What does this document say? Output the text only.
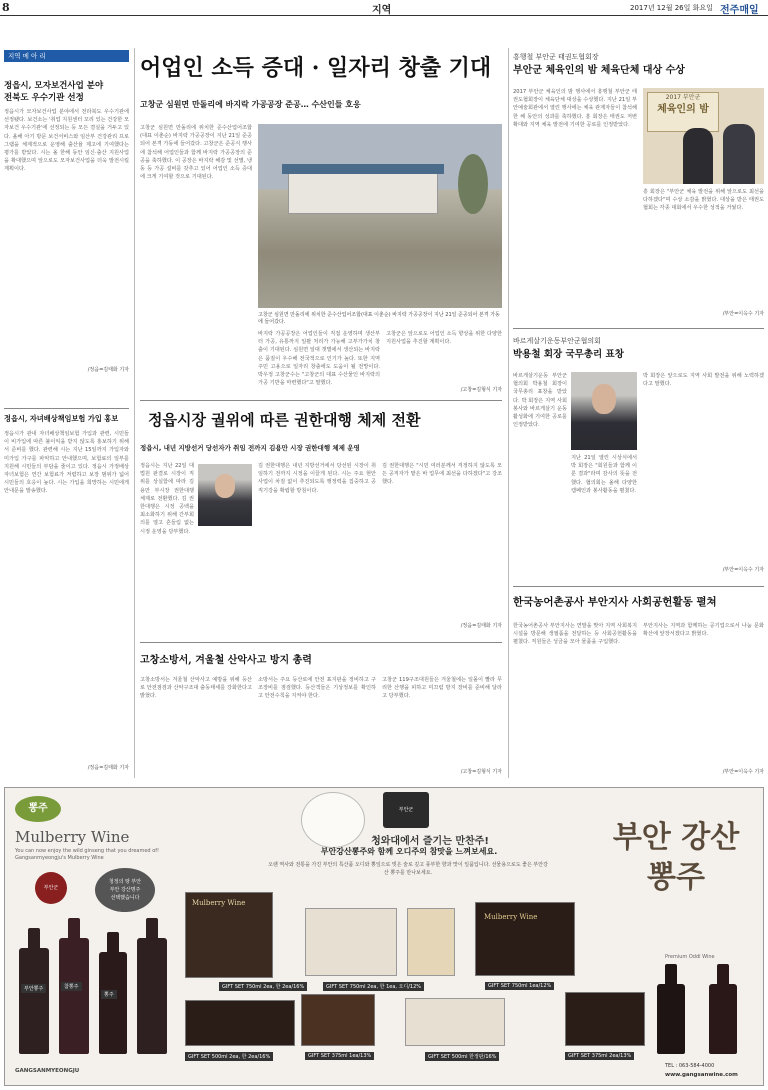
8	지역	2017년 12월 26일 화요일 전주매일
지역 메 아 리
정읍시, 모자보건사업 분야
전북도 우수기관 선정
정읍시가 모자보건사업 분야에서 전라북도 우수기관에 선정됐다. 보건소는 '취업 지원센터 꼬리 있는 건강한 모자보건 우수기관'에 선정되는 등 모든 결실을 거두고 있다. 올해 아기 방문 보건서비스와 임산부 건강관리 프로그램을 체계적으로 운영해 출산율 제고에 기여했다는 평가를 받았다. 시는 올 한해 동안 임신·출산 지원사업을 확대했으며 앞으로도 모자보건사업을 더욱 발전시킬 계획이다.
/정읍=김태화 기자
정읍시, 자녀배상책임보험 가입 홍보
정읍시가 관내 자녀배상책임보험 가입과 관련, 시민들이 비가입에 따른 불이익을 받지 않도록 홍보하기 위해서 준비를 했다. 관련해 시는 지난 15일까지 가입자와 미가입 가구를 파악하고 안내했으며, 보험료의 일부를 지원해 시민들의 부담을 줄이고 있다. 정읍시 가정배상 자녀보험은 연간 보험료가 저렴하고 보장 범위가 넓어 시민들의 호응이 높다. 시는 가입을 희망하는 시민에게 안내문을 발송했다.
/정읍=김태화 기자
어업인 소득 증대 · 일자리 창출 기대
고창군 심원면 만돌리에 바지락 가공공장 준공… 수산인들 호응
고창군 심원면 만돌리에 위치한 준수산업어조합(대표 이춘순) 바지락 가공공장이 지난 21일 준공되어 본격 가동에 들어갔다. 고창군은 준공식 행사에 참석해 어업인들과 함께 바지락 가공공장의 준공을 축하했다. 이 공장은 바지락 해감 및 선별, 냉동 등 가공 설비를 갖추고 있어 어업인 소득 증대에 크게 기여할 것으로 기대된다.
고창군 심원면 만돌리에 위치한 준수산업어조합(대표 이춘순) 바지락 가공공장이 지난 21일 준공되어 본격 가동에 들어갔다.
바지락 가공공장은 어업인들이 직접 운영하며 생산부터 가공, 유통까지 일괄 처리가 가능해 고부가가치 창출이 기대된다. 심원면 일대 갯벌에서 생산되는 바지락은 품질이 우수해 전국적으로 인기가 높다. 또한 지역 주민 고용으로 일자리 창출에도 도움이 될 전망이다. 박우정 고창군수는 "고창군의 대표 수산물인 바지락의 가공 기반을 마련했다"고 말했다.
고창군은 앞으로도 어업인 소득 향상을 위한 다양한 지원사업을 추진할 계획이다.
/고창=김형식 기자
정읍시장 궐위에 따른 권한대행 체제 전환
정읍시, 내년 지방선거 당선자가 취임 전까지 김용만 시장 권한대행 체제 운영
정읍시는 지난 22일 대법원 판결로 시장이 직위를 상실함에 따라 김용만 부시장 권한대행 체제로 전환했다. 김 권한대행은 시정 공백을 최소화하기 위해 간부회의를 열고 흔들림 없는 시정 운영을 당부했다.
김 권한대행은 내년 지방선거에서 당선된 시장이 취임하기 전까지 시정을 이끌게 된다. 시는 주요 현안 사업이 차질 없이 추진되도록 행정력을 집중하고 공직기강을 확립할 방침이다.
김 권한대행은 "시민 여러분께서 걱정하지 않도록 모든 공직자가 맡은 바 업무에 최선을 다하겠다"고 강조했다.
/정읍=김태화 기자
고창소방서, 겨울철 산악사고 방지 총력
고창소방서는 겨울철 산악사고 예방을 위해 등산로 안전점검과 산악구조대 출동태세를 강화한다고 밝혔다.
소방서는 주요 등산로에 안전 표지판을 정비하고 구조장비를 점검했다. 등산객들은 기상정보를 확인하고 안전수칙을 지켜야 한다.
고창군 119구조대원들은 겨울철에는 일몰이 빨라 무리한 산행을 피하고 미끄럼 방지 장비를 준비해 달라고 당부했다.
/고창=김형식 기자
흥행철 부안군 태권도협회장
부안군 체육인의 밤 체육단체 대상 수상
2017 부안군 체육인의 밤 행사에서 흥행철 부안군 태권도협회장이 체육단체 대상을 수상했다. 지난 21일 부안예술회관에서 열린 행사에는 체육 관계자들이 참석해 한 해 동안의 성과를 축하했다. 흥 회장은 태권도 저변 확대와 지역 체육 발전에 기여한 공로를 인정받았다.
2017 부안군
체육인의 밤
흥 회장은 "부안군 체육 발전을 위해 앞으로도 최선을 다하겠다"며 수상 소감을 밝혔다. 대상을 받은 태권도협회는 각종 대회에서 우수한 성적을 거뒀다.
/부안=이옥수 기자
바르게살기운동부안군협의회
박용철 회장 국무총리 표창
바르게살기운동 부안군협의회 박용철 회장이 국무총리 표창을 받았다. 박 회장은 지역 사회 봉사와 바르게살기 운동 활성화에 기여한 공로를 인정받았다.
지난 21일 열린 시상식에서 박 회장은 "회원들과 함께 이룬 결과"라며 감사의 뜻을 전했다. 협의회는 올해 다양한 캠페인과 봉사활동을 펼쳤다.
박 회장은 앞으로도 지역 사회 발전을 위해 노력하겠다고 말했다.
/부안=이옥수 기자
한국농어촌공사 부안지사 사회공헌활동 펼쳐
한국농어촌공사 부안지사는 연말을 맞아 지역 사회복지시설을 방문해 생필품을 전달하는 등 사회공헌활동을 펼쳤다. 직원들은 성금을 모아 물품을 구입했다.
부안지사는 지역과 함께하는 공기업으로서 나눔 문화 확산에 앞장서겠다고 밝혔다.
/부안=이옥수 기자
뽕주
Mulberry Wine
You can now enjoy the wild ginseng that you dreamed of!
Gangsanmyeongju's Mulberry Wine
청정의 땅 부안
부안 강산명주
선택했습니다
부안군
부안뽕주	참뽕주
뽕주
부안군
청와대에서 즐기는 만찬주!
부안강산뽕주와 함께 오디주의 참맛을 느껴보세요.
오랜 역사와 전통을 가진 부안의 특산품 오디와 뽕잎으로 빚은 술로 깊고 풍부한 향과 맛이 일품입니다. 선물용으로도 좋은 부안강산 뽕주를 만나보세요.
Mulberry Wine
GIFT SET 750ml 2ea, 한 2ea/16%	GIFT SET 750ml 2ea, 한 1ea, 오디/12%
Mulberry Wine
GIFT SET 750ml 1ea/12%
GIFT SET 500ml 2ea, 한 2ea/16%	GIFT SET 375ml 1ea/13%	GIFT SET 500ml 한정판/16%	GIFT SET 375ml 2ea/13%
부안 강산 뽕주
Premium Oddi Wine
GANGSANMYEONGJU
TEL : 063-584-4000
www.gangsanwine.com
